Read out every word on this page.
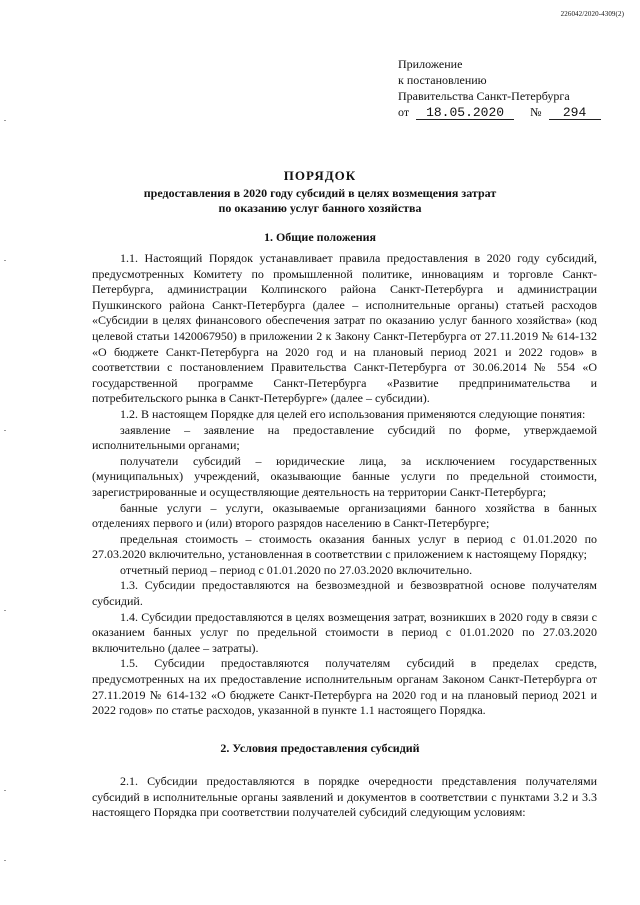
226042/2020-4309(2)
Приложение
к постановлению
Правительства Санкт-Петербурга
от 18.05.2020 № 294
ПОРЯДОК
предоставления в 2020 году субсидий в целях возмещения затрат
по оказанию услуг банного хозяйства
1. Общие положения

1.1. Настоящий Порядок устанавливает правила предоставления в 2020 году субсидий, предусмотренных Комитету по промышленной политике, инновациям и торговле Санкт-Петербурга, администрации Колпинского района Санкт-Петербурга и администрации Пушкинского района Санкт-Петербурга (далее – исполнительные органы) статьей расходов «Субсидии в целях финансового обеспечения затрат по оказанию услуг банного хозяйства» (код целевой статьи 1420067950) в приложении 2 к Закону Санкт-Петербурга от 27.11.2019 № 614-132 «О бюджете Санкт-Петербурга на 2020 год и на плановый период 2021 и 2022 годов» в соответствии с постановлением Правительства Санкт-Петербурга от 30.06.2014 № 554 «О государственной программе Санкт-Петербурга «Развитие предпринимательства и потребительского рынка в Санкт-Петербурге» (далее – субсидии).

1.2. В настоящем Порядке для целей его использования применяются следующие понятия:

заявление – заявление на предоставление субсидий по форме, утверждаемой исполнительными органами;

получатели субсидий – юридические лица, за исключением государственных (муниципальных) учреждений, оказывающие банные услуги по предельной стоимости, зарегистрированные и осуществляющие деятельность на территории Санкт-Петербурга;

банные услуги – услуги, оказываемые организациями банного хозяйства в банных отделениях первого и (или) второго разрядов населению в Санкт-Петербурге;

предельная стоимость – стоимость оказания банных услуг в период с 01.01.2020 по 27.03.2020 включительно, установленная в соответствии с приложением к настоящему Порядку;

отчетный период – период с 01.01.2020 по 27.03.2020 включительно.

1.3. Субсидии предоставляются на безвозмездной и безвозвратной основе получателям субсидий.

1.4. Субсидии предоставляются в целях возмещения затрат, возникших в 2020 году в связи с оказанием банных услуг по предельной стоимости в период с 01.01.2020 по 27.03.2020 включительно (далее – затраты).

1.5. Субсидии предоставляются получателям субсидий в пределах средств, предусмотренных на их предоставление исполнительным органам Законом Санкт-Петербурга от 27.11.2019 № 614-132 «О бюджете Санкт-Петербурга на 2020 год и на плановый период 2021 и 2022 годов» по статье расходов, указанной в пункте 1.1 настоящего Порядка.

2. Условия предоставления субсидий

2.1. Субсидии предоставляются в порядке очередности представления получателями субсидий в исполнительные органы заявлений и документов в соответствии с пунктами 3.2 и 3.3 настоящего Порядка при соответствии получателей субсидий следующим условиям:
